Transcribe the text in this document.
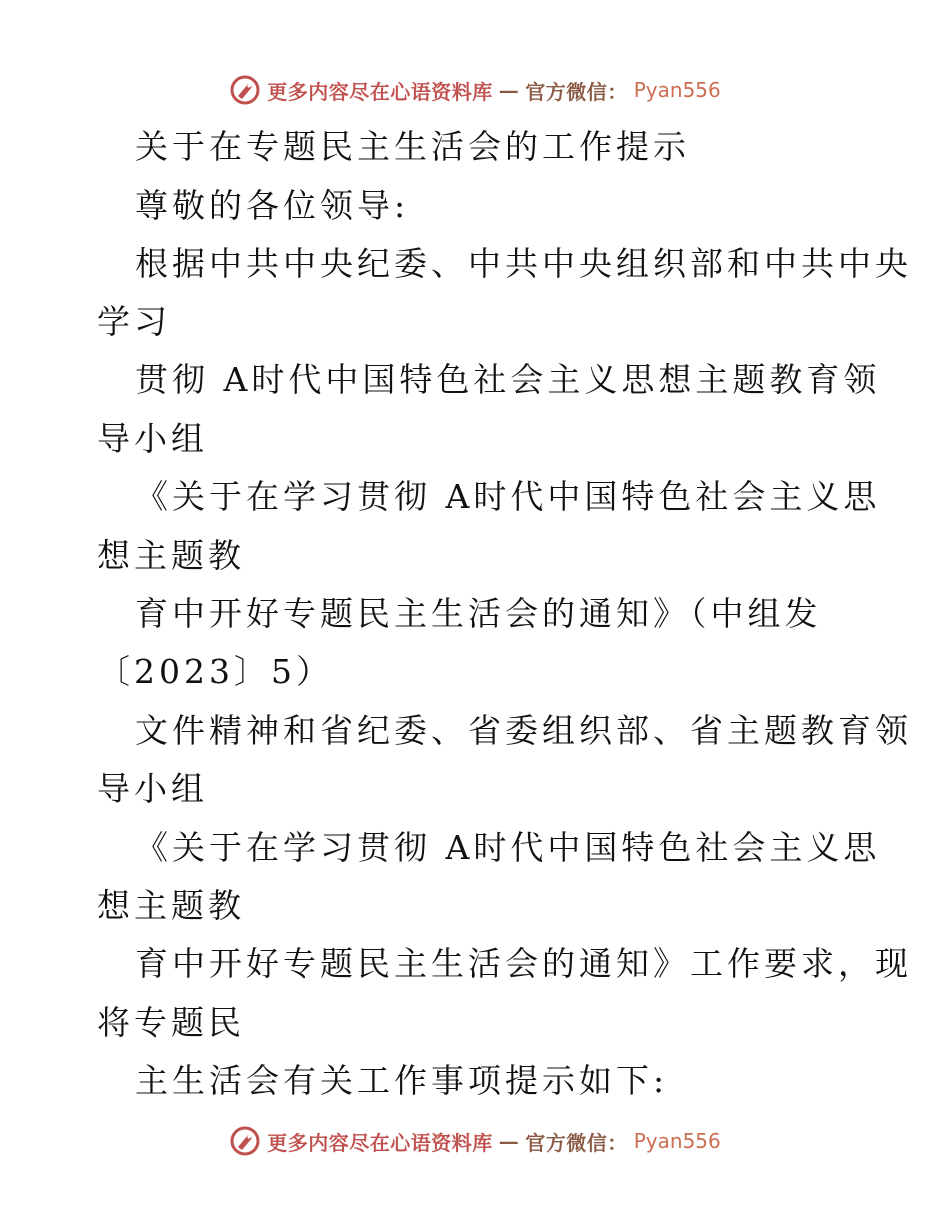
更多内容尽在心语资料库 — 官方微信： Pyan556
关于在专题民主生活会的工作提示
尊敬的各位领导:
根据中共中央纪委、中共中央组织部和中共中央
学习
贯彻 A时代中国特色社会主义思想主题教育领
导小组
《关于在学习贯彻 A时代中国特色社会主义思
想主题教
育中开好专题民主生活会的通知》（中组发
〔2023〕5）
文件精神和省纪委、省委组织部、省主题教育领
导小组
《关于在学习贯彻 A时代中国特色社会主义思
想主题教
育中开好专题民主生活会的通知》工作要求，现
将专题民
主生活会有关工作事项提示如下:
更多内容尽在心语资料库 — 官方微信： Pyan556
